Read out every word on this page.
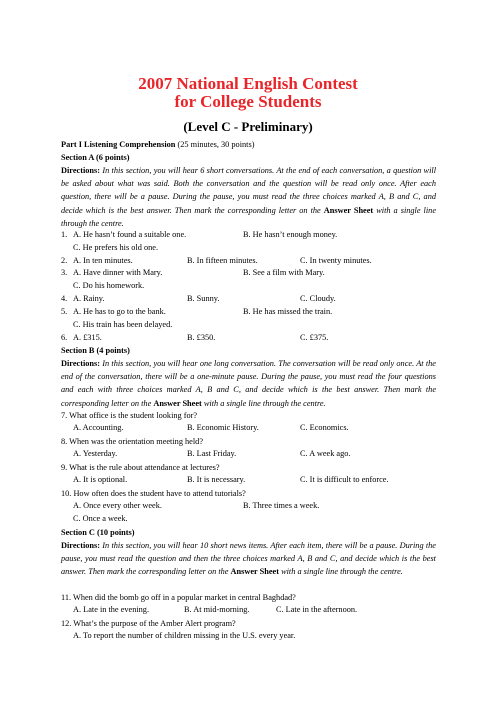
2007 National English Contest
for College Students
(Level C - Preliminary)
Part I Listening Comprehension (25 minutes, 30 points)
Section A (6 points)
Directions: In this section, you will hear 6 short conversations. At the end of each conversation, a question will be asked about what was said. Both the conversation and the question will be read only once. After each question, there will be a pause. During the pause, you must read the three choices marked A, B and C, and decide which is the best answer. Then mark the corresponding letter on the Answer Sheet with a single line through the centre.
1. A. He hasn’t found a suitable one.	B. He hasn’t enough money.
C. He prefers his old one.
2. A. In ten minutes.	B. In fifteen minutes.	C. In twenty minutes.
3. A. Have dinner with Mary.	B. See a film with Mary.
C. Do his homework.
4. A. Rainy.	B. Sunny.	C. Cloudy.
5. A. He has to go to the bank.	B. He has missed the train.
C. His train has been delayed.
6. A. £315.	B. £350.	C. £375.
Section B (4 points)
Directions: In this section, you will hear one long conversation. The conversation will be read only once. At the end of the conversation, there will be a one-minute pause. During the pause, you must read the four questions and each with three choices marked A, B and C, and decide which is the best answer. Then mark the corresponding letter on the Answer Sheet with a single line through the centre.
7. What office is the student looking for?
A. Accounting.	B. Economic History.	C. Economics.
8. When was the orientation meeting held?
A. Yesterday.	B. Last Friday.	C. A week ago.
9. What is the rule about attendance at lectures?
A. It is optional.	B. It is necessary.	C. It is difficult to enforce.
10. How often does the student have to attend tutorials?
A. Once every other week.	B. Three times a week.
C. Once a week.
Section C (10 points)
Directions: In this section, you will hear 10 short news items. After each item, there will be a pause. During the pause, you must read the question and then the three choices marked A, B and C, and decide which is the best answer. Then mark the corresponding letter on the Answer Sheet with a single line through the centre.
11. When did the bomb go off in a popular market in central Baghdad?
A. Late in the evening.	B. At mid-morning.	C. Late in the afternoon.
12. What’s the purpose of the Amber Alert program?
A. To report the number of children missing in the U.S. every year.
